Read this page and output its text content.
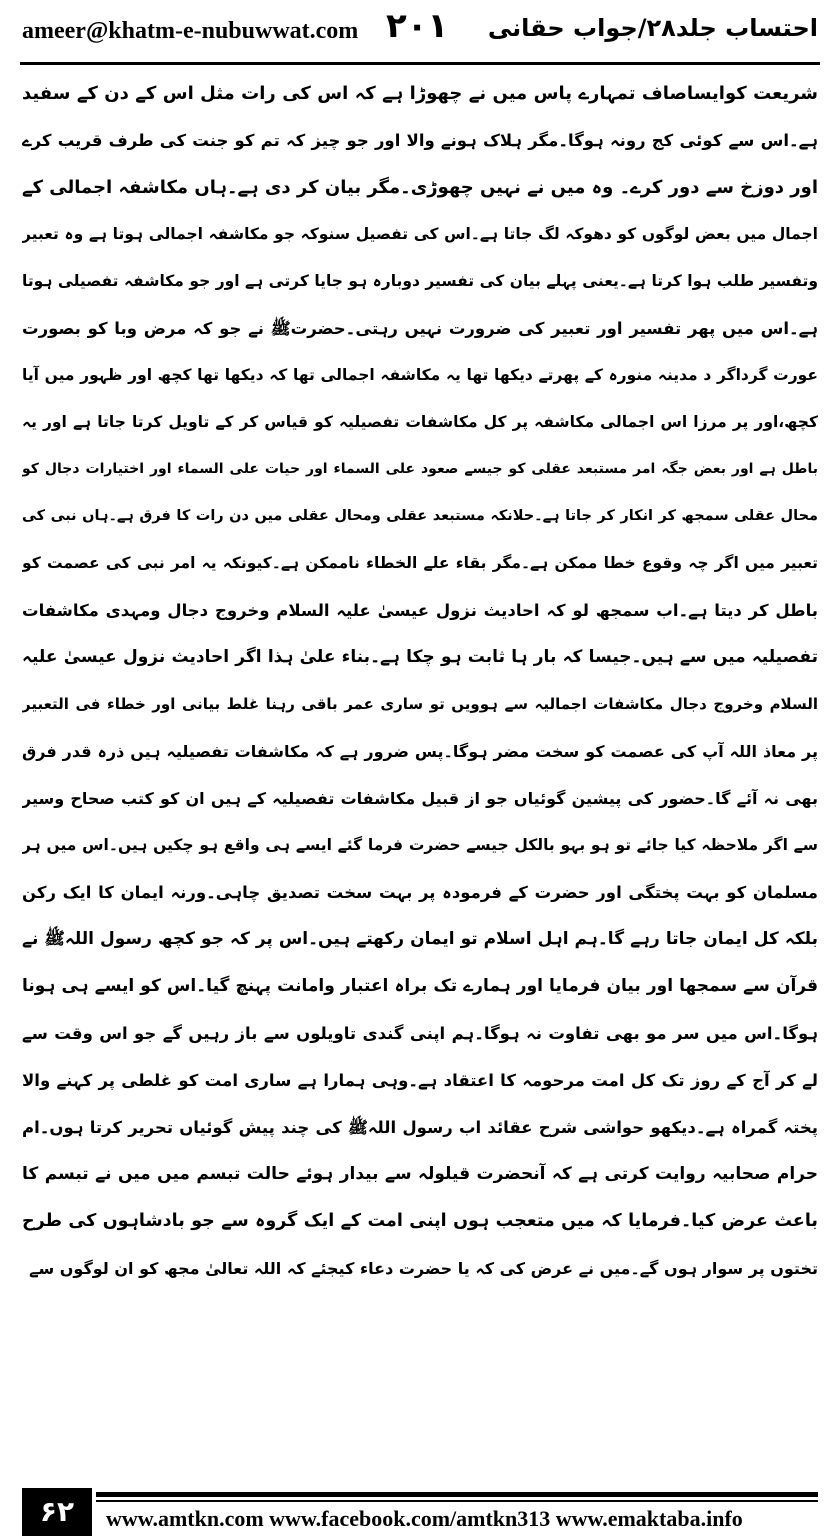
ameer@khatm-e-nubuwwat.com ۲۰۱ احتساب جلد۲۸/جواب حقانی
شریعت کوایساصاف تمہارے پاس میں نے چھوڑا ہے کہ اس کی رات مثل اس کے دن کے سفید
ہے۔اس سے کوئی کج رونہ ہوگا۔مگر ہلاک ہونے والا اور جو چیز کہ تم کو جنت کی طرف قریب کرے
اور دوزخ سے دور کرے۔ وہ میں نے نہیں چھوڑی۔مگر بیان کر دی ہے۔ہاں مکاشفہ اجمالی کے
اجمال میں بعض لوگوں کو دھوکہ لگ جاتا ہے۔اس کی تفصیل سنوکہ جو مکاشفہ اجمالی ہوتا ہے وہ تعبیر
وتفسیر طلب ہوا کرتا ہے۔یعنی پہلے بیان کی تفسیر دوبارہ ہو جایا کرتی ہے اور جو مکاشفہ تفصیلی ہوتا
ہے۔اس میں پھر تفسیر اور تعبیر کی ضرورت نہیں رہتی۔حضرتﷺ نے جو کہ مرض وبا کو بصورت
عورت گرداگر د مدینہ منورہ کے پھرتے دیکھا تھا یہ مکاشفہ اجمالی تھا کہ دیکھا تھا کچھ اور ظہور میں آیا
کچھ،اور پر مرزا اس اجمالی مکاشفہ پر کل مکاشفات تفصیلیہ کو قیاس کر کے تاویل کرتا جاتا ہے اور یہ
باطل ہے اور بعض جگہ امر مستبعد عقلی کو جیسے صعود علی السماء اور حیات علی السماء اور اختیارات دجال کو
محال عقلی سمجھ کر انکار کر جاتا ہے۔حلانکہ مستبعد عقلی ومحال عقلی میں دن رات کا فرق ہے۔ہاں نبی کی
تعبیر میں اگر چہ وقوع خطا ممکن ہے۔مگر بقاء علے الخطاء ناممکن ہے۔کیونکہ یہ امر نبی کی عصمت کو
باطل کر دیتا ہے۔اب سمجھ لو کہ احادیث نزول عیسیٰ علیہ السلام وخروج دجال ومہدی مکاشفات
تفصیلیہ میں سے ہیں۔جیسا کہ بار ہا ثابت ہو چکا ہے۔بناء علیٰ ہذا اگر احادیث نزول عیسیٰ علیہ
السلام وخروج دجال مکاشفات اجمالیہ سے ہوویں تو ساری عمر باقی رہنا غلط بیانی اور خطاء فی التعبیر
پر معاذ اللہ آپ کی عصمت کو سخت مضر ہوگا۔پس ضرور ہے کہ مکاشفات تفصیلیہ ہیں ذرہ قدر فرق
بھی نہ آئے گا۔حضور کی پیشین گوئیاں جو از قبیل مکاشفات تفصیلیہ کے ہیں ان کو کتب صحاح وسیر
سے اگر ملاحظہ کیا جائے تو ہو بہو بالکل جیسے حضرت فرما گئے ایسے ہی واقع ہو چکیں ہیں۔اس میں ہر
مسلمان کو بہت پختگی اور حضرت کے فرمودہ پر بہت سخت تصدیق چاہی۔ورنہ ایمان کا ایک رکن
بلکہ کل ایمان جاتا رہے گا۔ہم اہل اسلام تو ایمان رکھتے ہیں۔اس پر کہ جو کچھ رسول اللہﷺ نے
قرآن سے سمجھا اور بیان فرمایا اور ہمارے تک براہ اعتبار وامانت پہنچ گیا۔اس کو ایسے ہی ہونا
ہوگا۔اس میں سر مو بھی تفاوت نہ ہوگا۔ہم اپنی گندی تاویلوں سے باز رہیں گے جو اس وقت سے
لے کر آج کے روز تک کل امت مرحومہ کا اعتقاد ہے۔وہی ہمارا ہے ساری امت کو غلطی پر کہنے والا
پختہ گمراہ ہے۔دیکھو حواشی شرح عقائد اب رسول اللہﷺ کی چند پیش گوئیاں تحریر کرتا ہوں۔ام
حرام صحابیہ روایت کرتی ہے کہ آنحضرت قیلولہ سے بیدار ہوئے حالت تبسم میں میں نے تبسم کا
باعث عرض کیا۔فرمایا کہ میں متعجب ہوں اپنی امت کے ایک گروہ سے جو بادشاہوں کی طرح
تختوں پر سوار ہوں گے۔میں نے عرض کی کہ یا حضرت دعاء کیجئے کہ اللہ تعالیٰ مجھ کو ان لوگوں سے
۶۲	www.amtkn.com www.facebook.com/amtkn313 www.emaktaba.info
